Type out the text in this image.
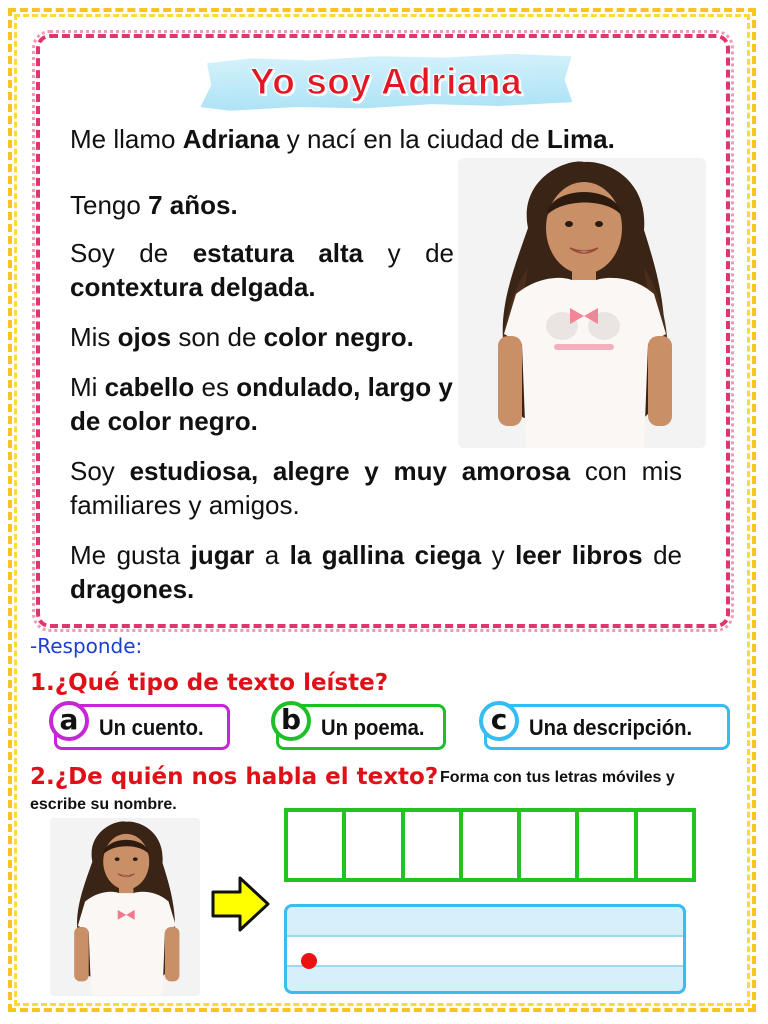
Yo soy Adriana

Me llamo Adriana y nací en la ciudad de Lima.

Tengo 7 años.

Soy de estatura alta y de contextura delgada.

Mis ojos son de color negro.

Mi cabello es ondulado, largo y de color negro.

Soy estudiosa, alegre y muy amorosa con mis familiares y amigos.

Me gusta jugar a la gallina ciega y leer libros de dragones.

-Responde:
1.¿Qué tipo de texto leíste?
a Un cuento.	b Un poema.	c Una descripción.
2.¿De quién nos habla el texto? Forma con tus letras móviles y
escribe su nombre.
